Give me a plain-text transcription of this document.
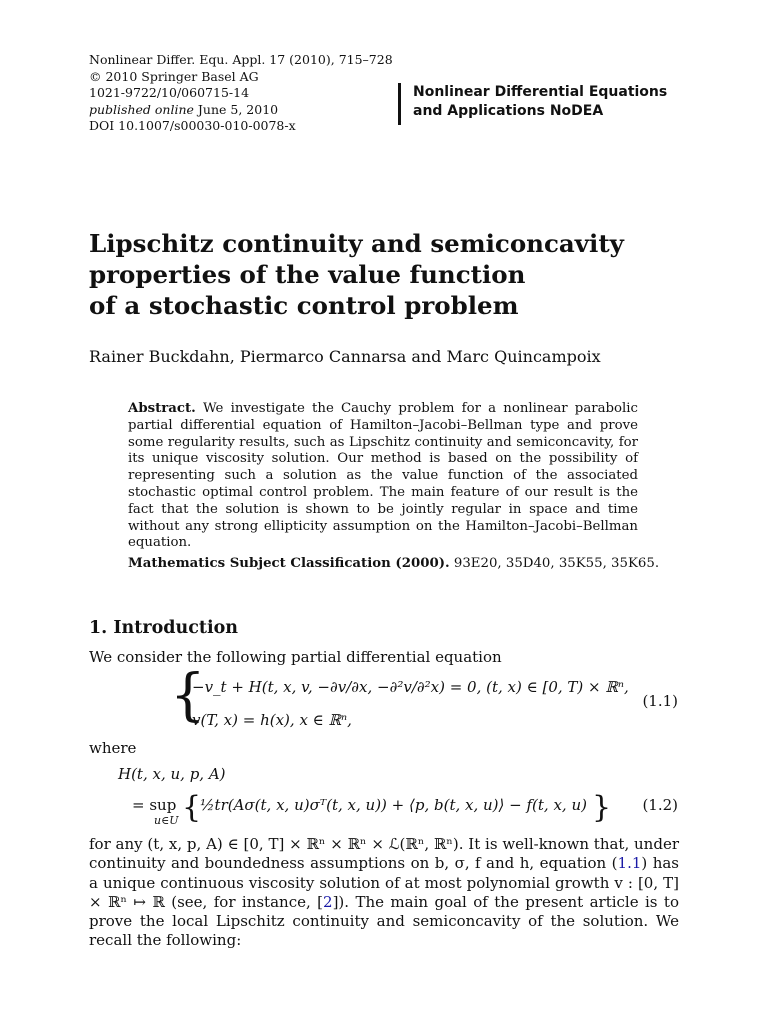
Nonlinear Differ. Equ. Appl. 17 (2010), 715–728
© 2010 Springer Basel AG
1021-9722/10/060715-14
published online June 5, 2010
DOI 10.1007/s00030-010-0078-x
Nonlinear Differential Equations
and Applications NoDEA
Lipschitz continuity and semiconcavity
properties of the value function
of a stochastic control problem
Rainer Buckdahn, Piermarco Cannarsa and Marc Quincampoix
Abstract. We investigate the Cauchy problem for a nonlinear parabolic partial differential equation of Hamilton–Jacobi–Bellman type and prove some regularity results, such as Lipschitz continuity and semiconcavity, for its unique viscosity solution. Our method is based on the possibility of representing such a solution as the value function of the associated stochastic optimal control problem. The main feature of our result is the fact that the solution is shown to be jointly regular in space and time without any strong ellipticity assumption on the Hamilton–Jacobi–Bellman equation.
Mathematics Subject Classification (2000). 93E20, 35D40, 35K55, 35K65.
1. Introduction
We consider the following partial differential equation
{
−v_t + H(t, x, v, −∂v/∂x, −∂²v/∂²x) = 0, (t, x) ∈ [0, T) × ℝⁿ,
v(T, x) = h(x), x ∈ ℝⁿ,
(1.1)
where
H(t, x, u, p, A)
= sup
u∈U {
½tr(Aσ(t, x, u)σᵀ(t, x, u)) + ⟨p, b(t, x, u)⟩ − f(t, x, u) } (1.2)
for any (t, x, p, A) ∈ [0, T] × ℝⁿ × ℝⁿ × ℒ(ℝⁿ, ℝⁿ). It is well-known that, under continuity and boundedness assumptions on b, σ, f and h, equation (1.1) has a unique continuous viscosity solution of at most polynomial growth v : [0, T] × ℝⁿ ↦ ℝ (see, for instance, [2]). The main goal of the present article is to prove the local Lipschitz continuity and semiconcavity of the solution. We recall the following:
